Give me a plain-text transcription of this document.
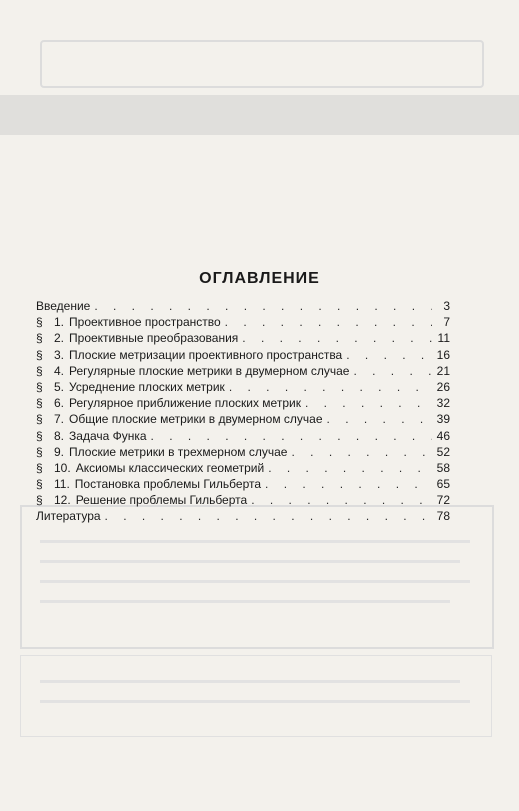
ОГЛАВЛЕНИЕ
Введение . . .	3
§ 1. Проективное пространство . . .	7
§ 2. Проективные преобразования . . .	11
§ 3. Плоские метризации проективного пространства . . .	16
§ 4. Регулярные плоские метрики в двумерном случае . . .	21
§ 5. Усреднение плоских метрик . . .	26
§ 6. Регулярное приближение плоских метрик . . .	32
§ 7. Общие плоские метрики в двумерном случае . . .	39
§ 8. Задача Функа . . .	46
§ 9. Плоские метрики в трехмерном случае . . .	52
§ 10. Аксиомы классических геометрий . . .	58
§ 11. Постановка проблемы Гильберта . . .	65
§ 12. Решение проблемы Гильберта . . .	72
Литература . . .	78
